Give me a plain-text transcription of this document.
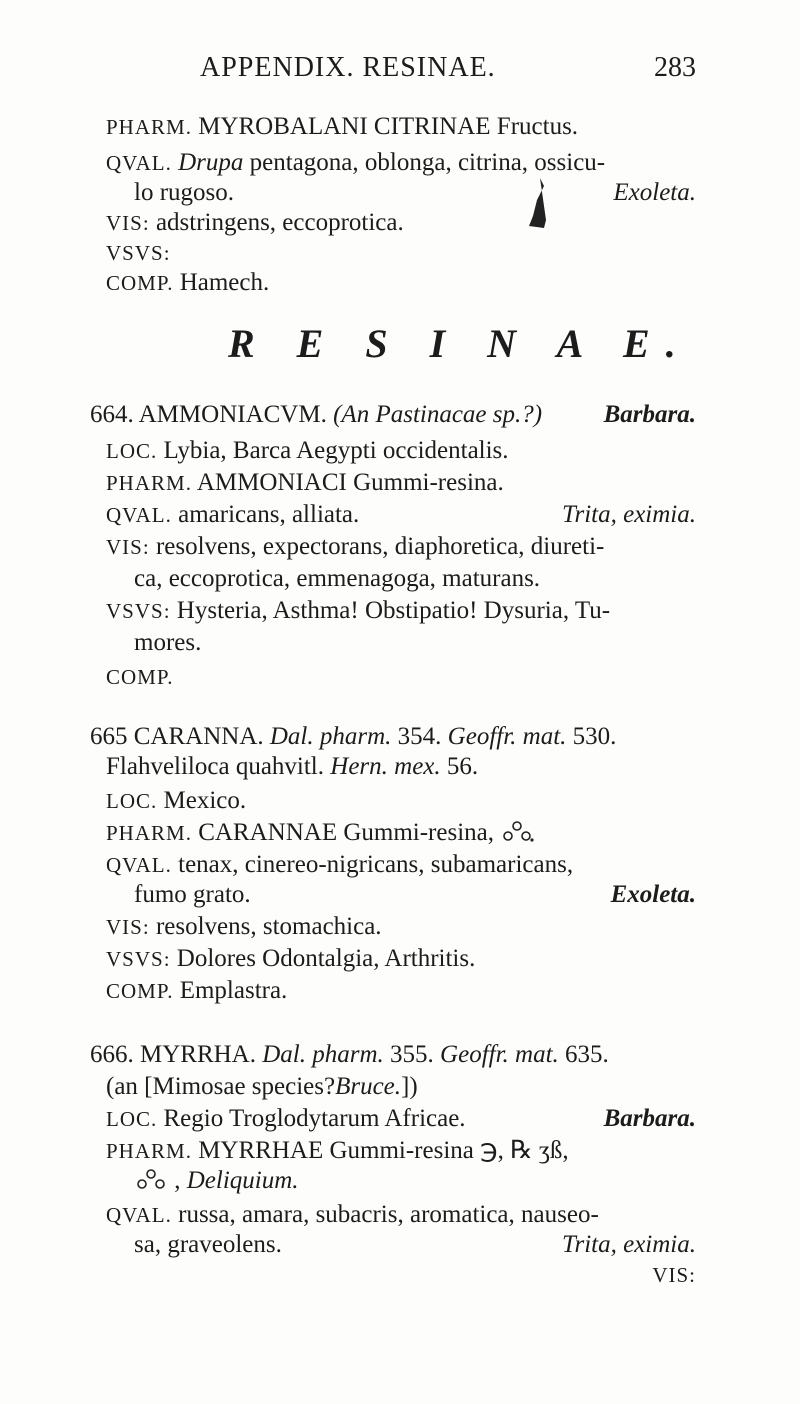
APPENDIX. RESINAE.	283
PHARM. MYROBALANI CITRINAE Fructus.
QVAL. Drupa pentagona, oblonga, citrina, ossicu-
lo rugoso.	Exoleta.
VIS: adstringens, eccoprotica.
VSVS:
COMP. Hamech.
R E S I N A E.
664. AMMONIACVM. (An Pastinacae sp.?) Barbara.
LOC. Lybia, Barca Aegypti occidentalis.
PHARM. AMMONIACI Gummi-resina.
QVAL. amaricans, alliata.	Trita, eximia.
VIS: resolvens, expectorans, diaphoretica, diureti-
ca, eccoprotica, emmenagoga, maturans.
VSVS: Hysteria, Asthma! Obstipatio! Dysuria, Tu-
mores.
COMP.
665 CARANNA. Dal. pharm. 354. Geoffr. mat. 530.
Flahvelilocа quahvitl. Hern. mex. 56.
LOC. Mexico.
PHARM. CARANNAE Gummi-resina,
QVAL. tenax, cinereo-nigricans, subamaricans,
fumo grato.	Exoleta.
VIS: resolvens, stomachica.
VSVS: Dolores Odontalgia, Arthritis.
COMP. Emplastra.
666. MYRRHA. Dal. pharm. 355. Geoffr. mat. 635.
(an [Mimosae species?Bruce.])
LOC. Regio Troglodytarum Africae.	Barbara.
PHARM. MYRRHAE Gummi-resina ℈, ℞ ʒß,
, Deliquium.
QVAL. russa, amara, subacris, aromatica, nauseo-
sa, graveolens.	Trita, eximia.
VIS:
